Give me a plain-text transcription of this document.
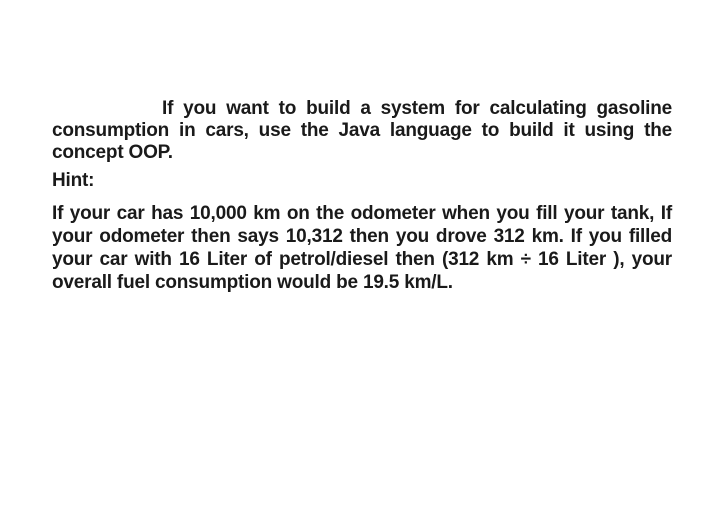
If you want to build a system for calculating gasoline consumption in cars, use the Java language to build it using the concept OOP.

Hint:

If your car has 10,000 km on the odometer when you fill your tank, If your odometer then says 10,312 then you drove 312 km. If you filled your car with 16 Liter of petrol/diesel then (312 km ÷ 16 Liter ), your overall fuel consumption would be 19.5 km/L.
